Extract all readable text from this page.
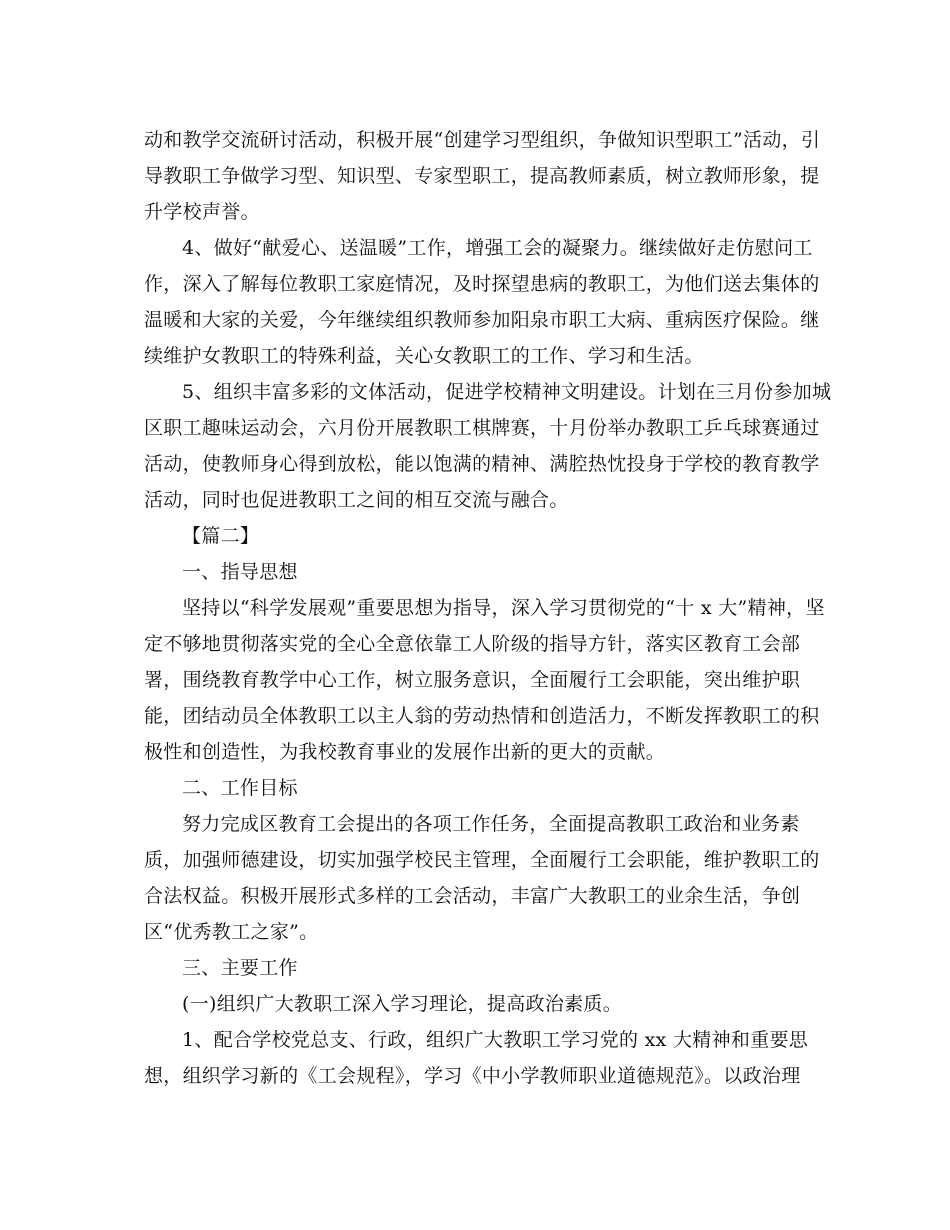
动和教学交流研讨活动，积极开展“创建学习型组织，争做知识型职工”活动，引
导教职工争做学习型、知识型、专家型职工，提高教师素质，树立教师形象，提
升学校声誉。
4、做好“献爱心、送温暖”工作，增强工会的凝聚力。继续做好走仿慰问工
作，深入了解每位教职工家庭情况，及时探望患病的教职工，为他们送去集体的
温暖和大家的关爱，今年继续组织教师参加阳泉市职工大病、重病医疗保险。继
续维护女教职工的特殊利益，关心女教职工的工作、学习和生活。
5、组织丰富多彩的文体活动，促进学校精神文明建设。计划在三月份参加城
区职工趣味运动会，六月份开展教职工棋牌赛，十月份举办教职工乒乓球赛通过
活动，使教师身心得到放松，能以饱满的精神、满腔热忱投身于学校的教育教学
活动，同时也促进教职工之间的相互交流与融合。
【篇二】
一、指导思想
坚持以“科学发展观”重要思想为指导，深入学习贯彻党的“十 x 大”精神，坚
定不够地贯彻落实党的全心全意依靠工人阶级的指导方针，落实区教育工会部
署，围绕教育教学中心工作，树立服务意识，全面履行工会职能，突出维护职
能，团结动员全体教职工以主人翁的劳动热情和创造活力，不断发挥教职工的积
极性和创造性，为我校教育事业的发展作出新的更大的贡献。
二、工作目标
努力完成区教育工会提出的各项工作任务，全面提高教职工政治和业务素
质，加强师德建设，切实加强学校民主管理，全面履行工会职能，维护教职工的
合法权益。积极开展形式多样的工会活动，丰富广大教职工的业余生活，争创
区“优秀教工之家”。
三、主要工作
(一)组织广大教职工深入学习理论，提高政治素质。
1、配合学校党总支、行政，组织广大教职工学习党的 xx 大精神和重要思
想，组织学习新的《工会规程》，学习《中小学教师职业道德规范》。以政治理
